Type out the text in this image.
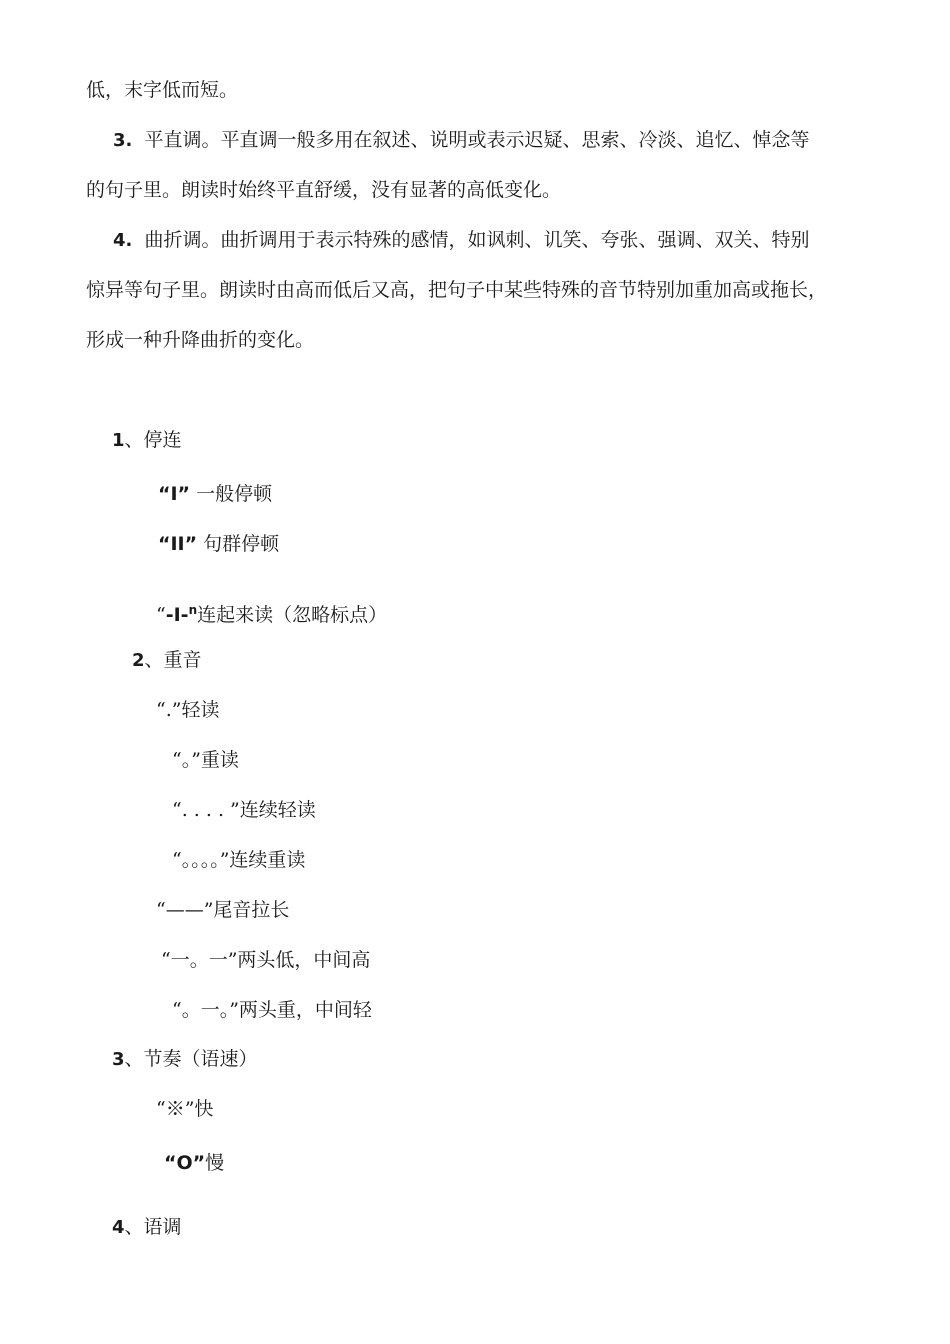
低，末字低而短。
3. 平直调。平直调一般多用在叙述、说明或表示迟疑、思索、冷淡、追忆、悼念等
的句子里。朗读时始终平直舒缓，没有显著的高低变化。
4. 曲折调。曲折调用于表示特殊的感情，如讽刺、讥笑、夸张、强调、双关、特别
惊异等句子里。朗读时由高而低后又高，把句子中某些特殊的音节特别加重加高或拖长，
形成一种升降曲折的变化。
1、停连
“I” 一般停顿
“II” 句群停顿
“-I-$^n$连起来读（忽略标点）
2、重音
“.”轻读
“。”重读
“. . . . ”连续轻读
“。。。。”连续重读
“——”尾音拉长
“一。一”两头低，中间高
“。一。”两头重，中间轻
3、节奏（语速）
“※”快
“O”慢
4、语调
